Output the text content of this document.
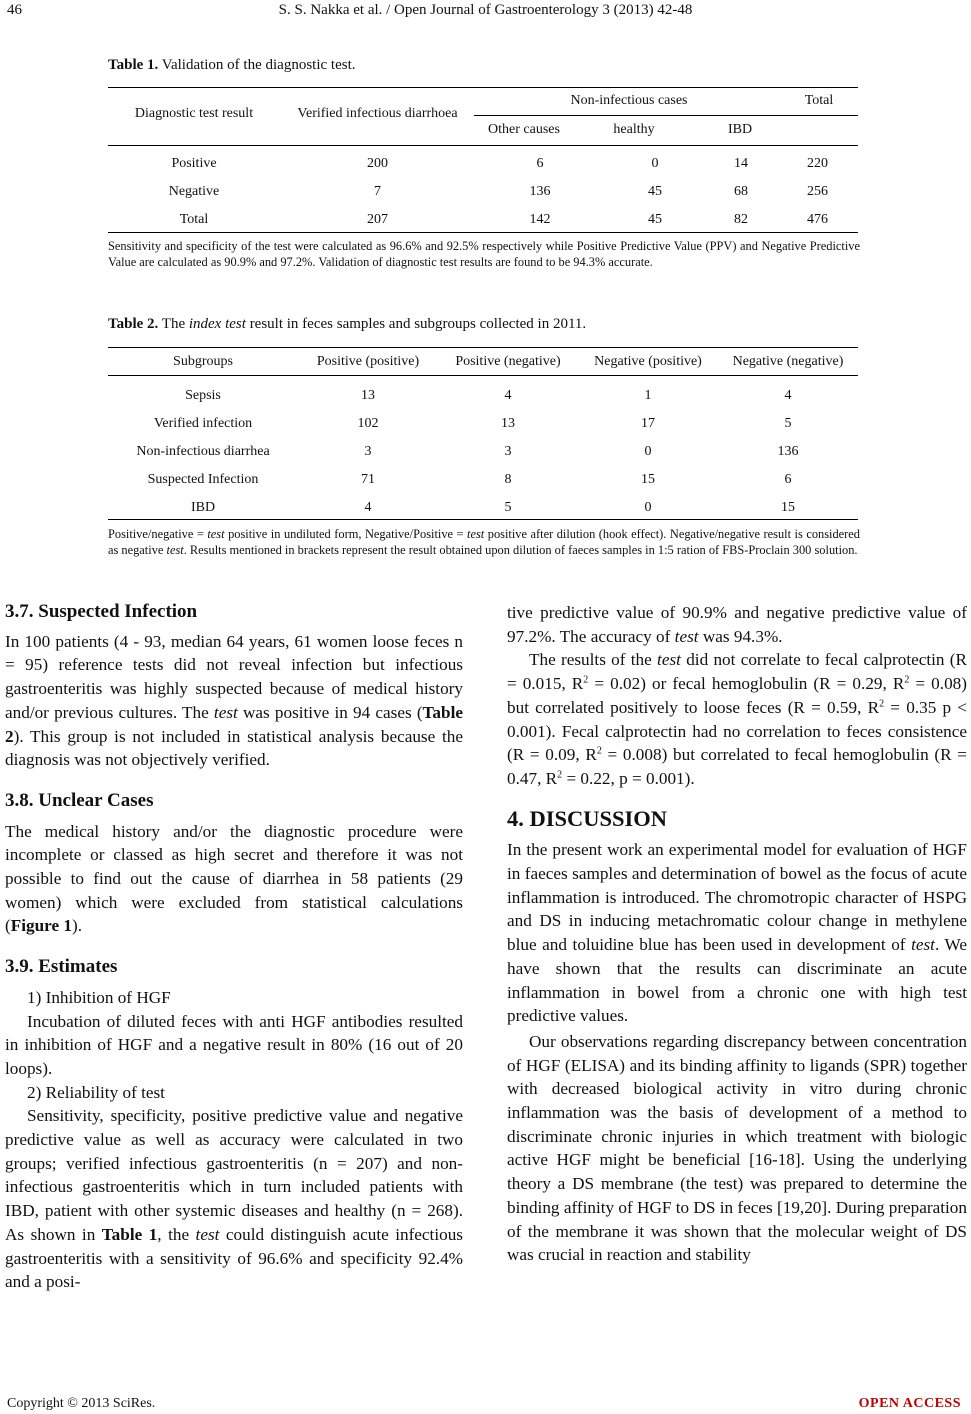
46	S. S. Nakka et al. / Open Journal of Gastroenterology 3 (2013) 42-48
Table 1. Validation of the diagnostic test.
Diagnostic test result	Verified infectious diarrhoea
Non-infectious cases	Total
Other causes	healthy	IBD
Positive	200	6	0	14	220
Negative	7	136	45	68	256
Total	207	142	45	82	476
Sensitivity and specificity of the test were calculated as 96.6% and 92.5% respectively while Positive Predictive Value (PPV) and Negative Predictive Value are calculated as 90.9% and 97.2%. Validation of diagnostic test results are found to be 94.3% accurate.
Table 2. The index test result in feces samples and subgroups collected in 2011.
Subgroups	Positive (positive)	Positive (negative)	Negative (positive)	Negative (negative)

Sepsis	13	4	1	4
Verified infection	102	13	17	5
Non-infectious diarrhea	3	3	0	136
Suspected Infection	71	8	15	6
IBD	4	5	0	15
Positive/negative = test positive in undiluted form, Negative/Positive = test positive after dilution (hook effect). Negative/negative result is considered as negative test. Results mentioned in brackets represent the result obtained upon dilution of faeces samples in 1:5 ration of FBS-Proclain 300 solution.
3.7. Suspected Infection

In 100 patients (4 - 93, median 64 years, 61 women loose feces n = 95) reference tests did not reveal infection but infectious gastroenteritis was highly suspected because of medical history and/or previous cultures. The test was positive in 94 cases (Table 2). This group is not included in statistical analysis because the diagnosis was not objectively verified.

3.8. Unclear Cases

The medical history and/or the diagnostic procedure were incomplete or classed as high secret and therefore it was not possible to find out the cause of diarrhea in 58 patients (29 women) which were excluded from statistical calculations (Figure 1).

3.9. Estimates

1) Inhibition of HGF

Incubation of diluted feces with anti HGF antibodies resulted in inhibition of HGF and a negative result in 80% (16 out of 20 loops).

2) Reliability of test

Sensitivity, specificity, positive predictive value and negative predictive value as well as accuracy were calculated in two groups; verified infectious gastroenteritis (n = 207) and non-infectious gastroenteritis which in turn included patients with IBD, patient with other systemic diseases and healthy (n = 268). As shown in Table 1, the test could distinguish acute infectious gastroenteritis with a sensitivity of 96.6% and specificity 92.4% and a posi-

tive predictive value of 90.9% and negative predictive value of 97.2%. The accuracy of test was 94.3%.

The results of the test did not correlate to fecal calprotectin (R = 0.015, $R^2 = 0.02$) or fecal hemoglobulin (R = 0.29, $R^2 = 0.08$) but correlated positively to loose feces (R = 0.59, $R^2 = 0.35$ p < 0.001). Fecal calprotectin had no correlation to feces consistence (R = 0.09, $R^2 = 0.008$) but correlated to fecal hemoglobulin (R = 0.47, $R^2 = 0.22$, p = 0.001).

4. DISCUSSION

In the present work an experimental model for evaluation of HGF in faeces samples and determination of bowel as the focus of acute inflammation is introduced. The chromotropic character of HSPG and DS in inducing metachromatic colour change in methylene blue and toluidine blue has been used in development of test. We have shown that the results can discriminate an acute inflammation in bowel from a chronic one with high test predictive values.

Our observations regarding discrepancy between concentration of HGF (ELISA) and its binding affinity to ligands (SPR) together with decreased biological activity in vitro during chronic inflammation was the basis of development of a method to discriminate chronic injuries in which treatment with biologic active HGF might be beneficial [16-18]. Using the underlying theory a DS membrane (the test) was prepared to determine the binding affinity of HGF to DS in feces [19,20]. During preparation of the membrane it was shown that the molecular weight of DS was crucial in reaction and stability

Copyright © 2013 SciRes.	OPEN ACCESS
